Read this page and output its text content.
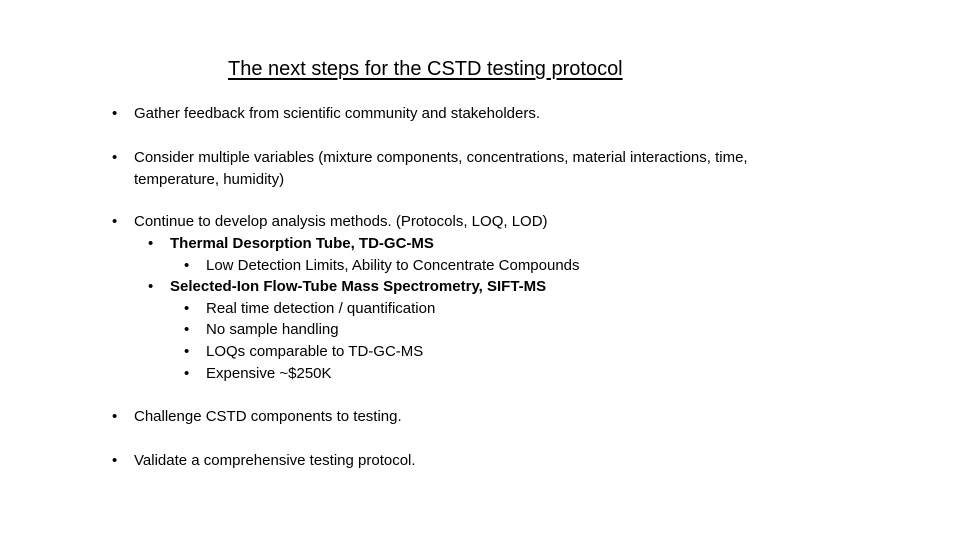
The next steps for the CSTD testing protocol
• Gather feedback from scientific community and stakeholders.
• Consider multiple variables (mixture components, concentrations, material interactions, time,
temperature, humidity)
• Continue to develop analysis methods. (Protocols, LOQ, LOD)
• Thermal Desorption Tube, TD-GC-MS
• Low Detection Limits, Ability to Concentrate Compounds
• Selected-Ion Flow-Tube Mass Spectrometry, SIFT-MS
• Real time detection / quantification
• No sample handling
• LOQs comparable to TD-GC-MS
• Expensive ~$250K
• Challenge CSTD components to testing.
• Validate a comprehensive testing protocol.
